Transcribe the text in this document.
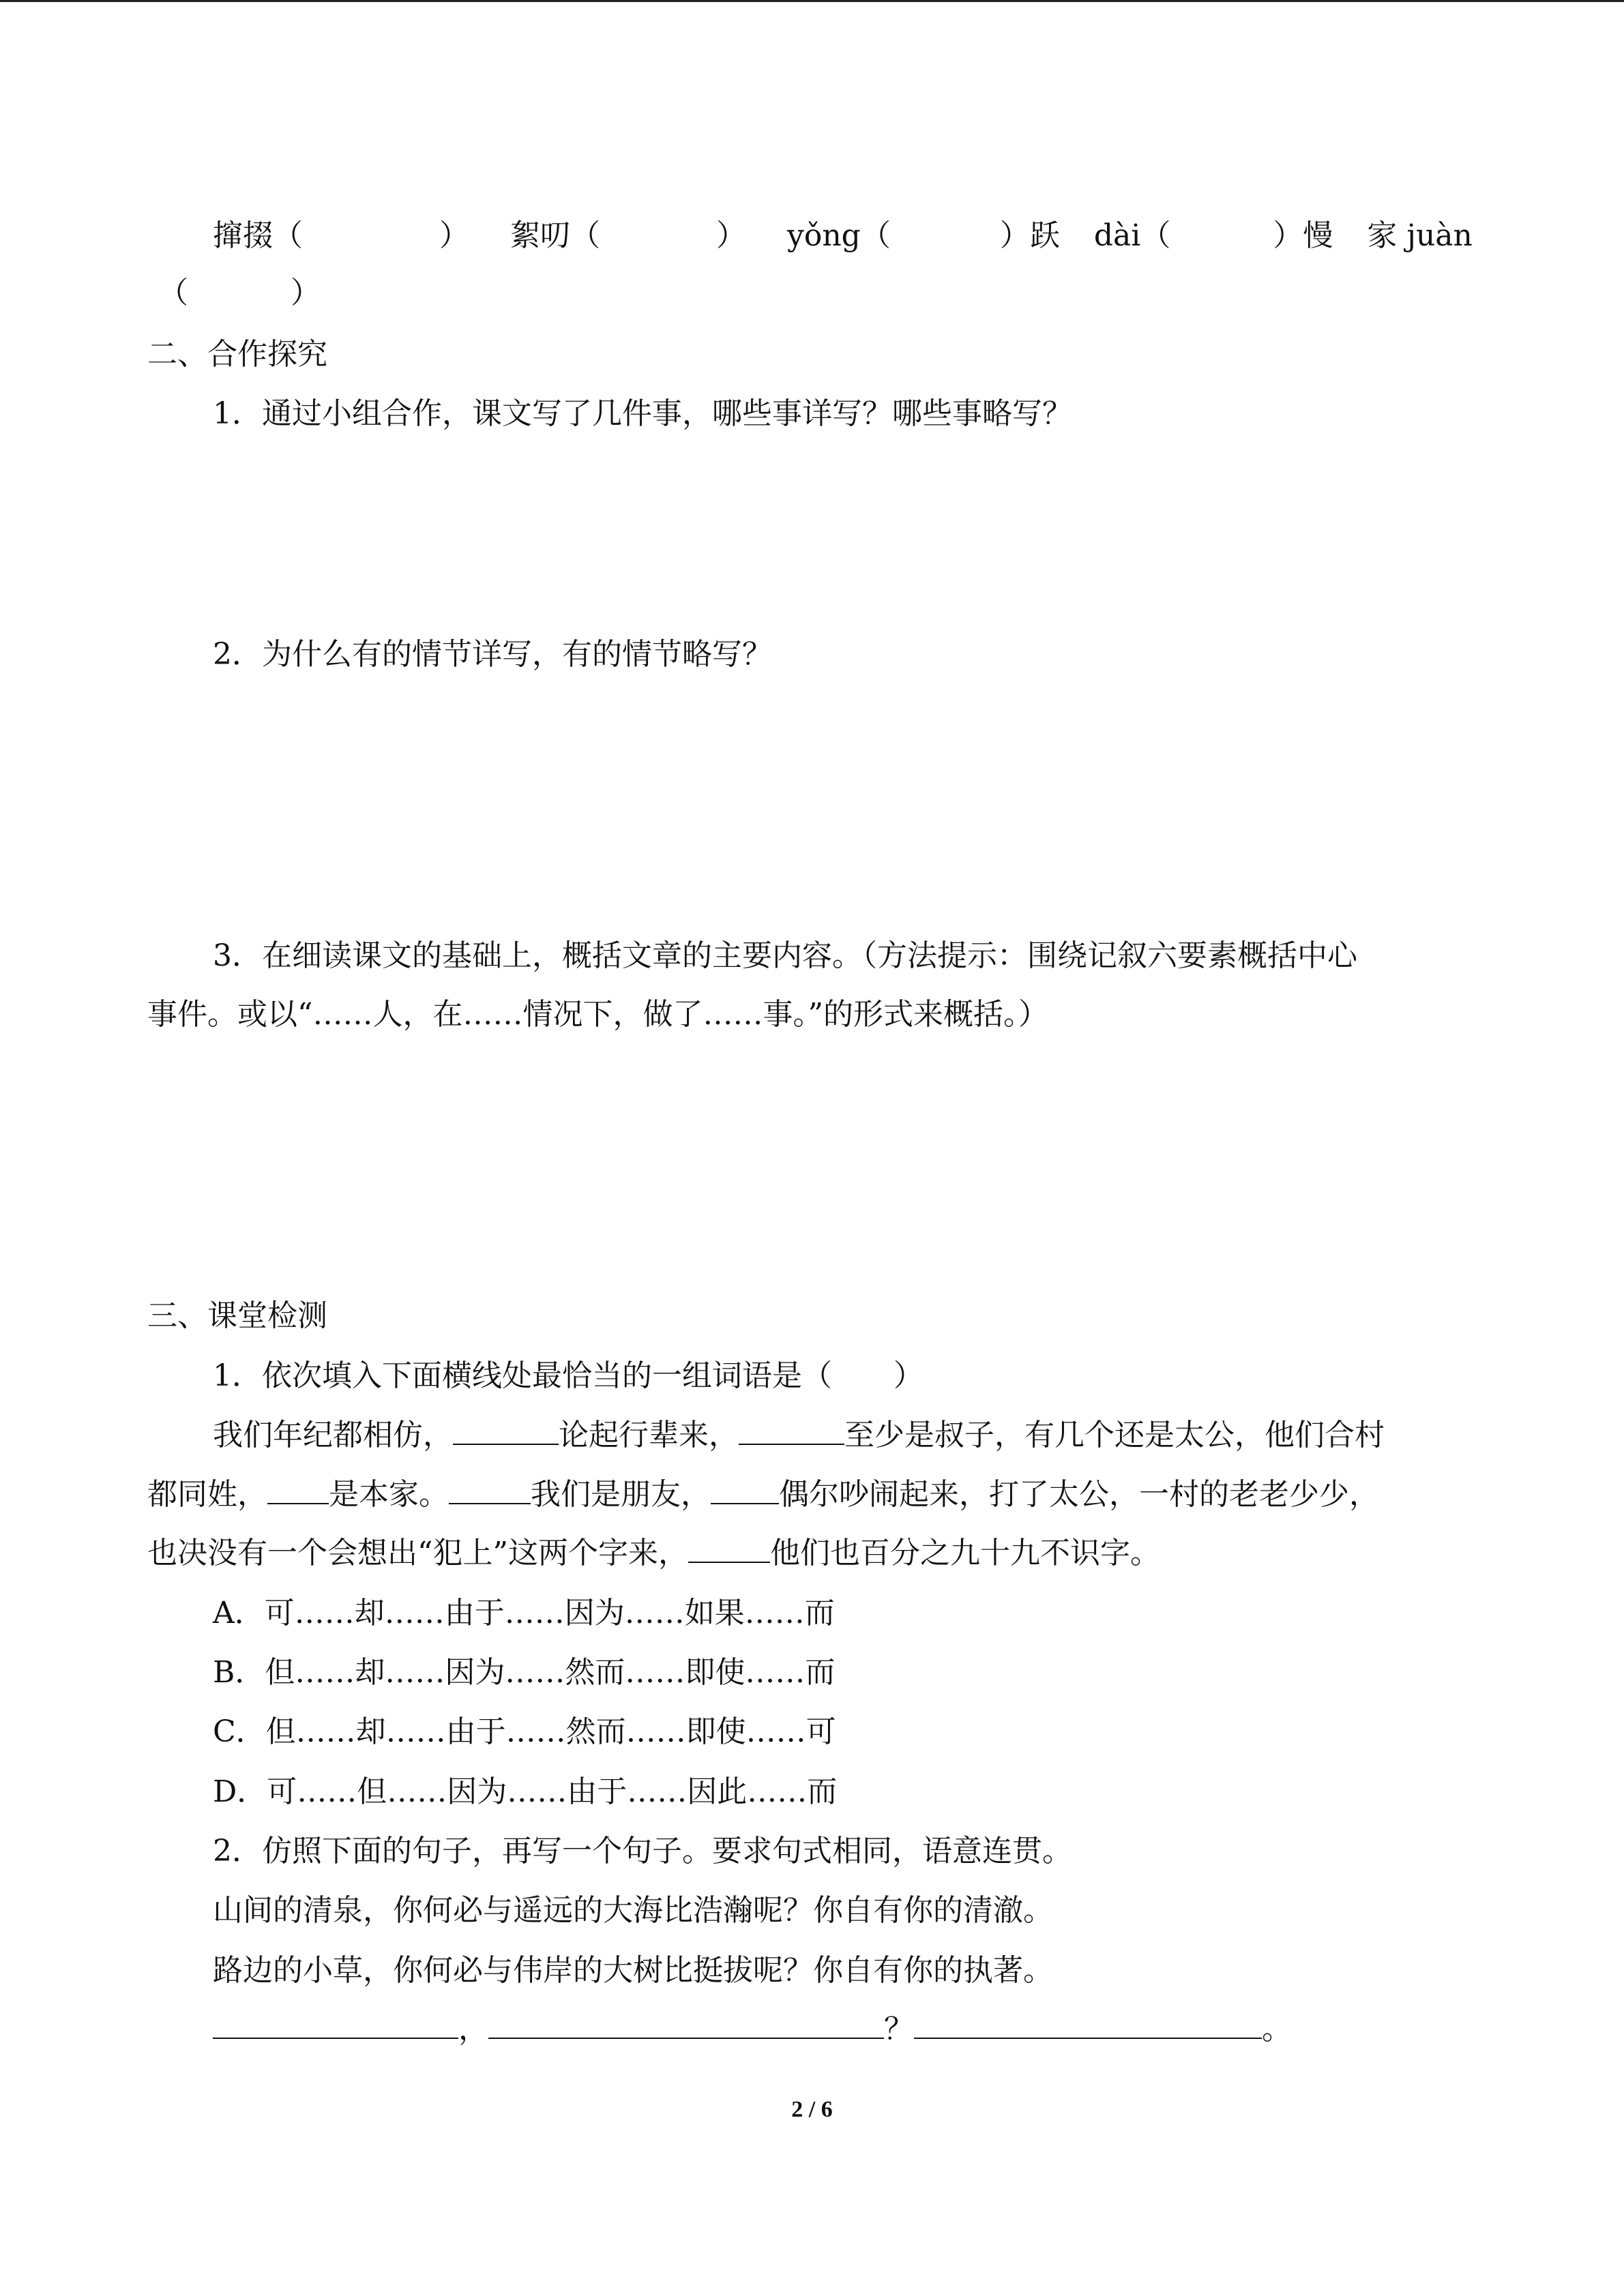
撺掇（	） 絮叨（	） yǒng（	）跃 dài（	）慢 家 juàn
（	）
二、合作探究
1．通过小组合作，课文写了几件事，哪些事详写？哪些事略写？
2．为什么有的情节详写，有的情节略写？
3．在细读课文的基础上，概括文章的主要内容。（方法提示：围绕记叙六要素概括中心
事件。或以“……人，在……情况下，做了……事。”的形式来概括。）
三、课堂检测
1．依次填入下面横线处最恰当的一组词语是（ ）
我们年纪都相仿，	论起行辈来，	至少是叔子，有几个还是太公，他们合村
都同姓， 是本家。	我们是朋友， 偶尔吵闹起来，打了太公，一村的老老少少，
也决没有一个会想出“犯上”这两个字来，	他们也百分之九十九不识字。
A．可……却……由于……因为……如果……而
B．但……却……因为……然而……即使……而
C．但……却……由于……然而……即使……可
D．可……但……因为……由于……因此……而
2．仿照下面的句子，再写一个句子。要求句式相同，语意连贯。
山间的清泉，你何必与遥远的大海比浩瀚呢？你自有你的清澈。
路边的小草，你何必与伟岸的大树比挺拔呢？你自有你的执著。
，	？	。
2 / 6
